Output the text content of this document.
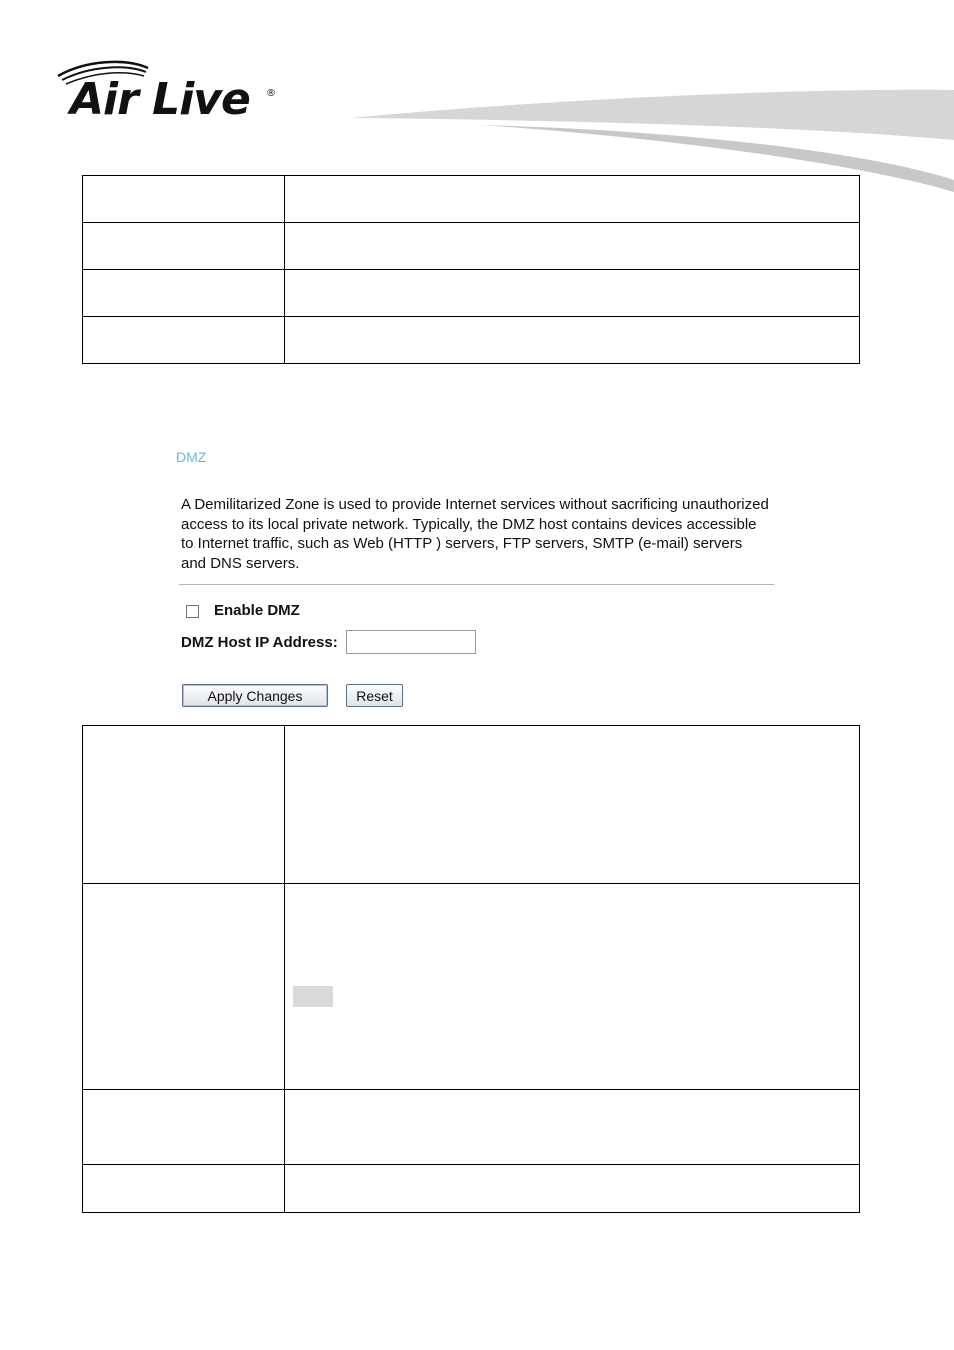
Air Live ®

DMZ
A Demilitarized Zone is used to provide Internet services without sacrificing unauthorized access to its local private network. Typically, the DMZ host contains devices accessible to Internet traffic, such as Web (HTTP ) servers, FTP servers, SMTP (e-mail) servers and DNS servers.
Enable DMZ
DMZ Host IP Address:
Apply Changes	Reset
